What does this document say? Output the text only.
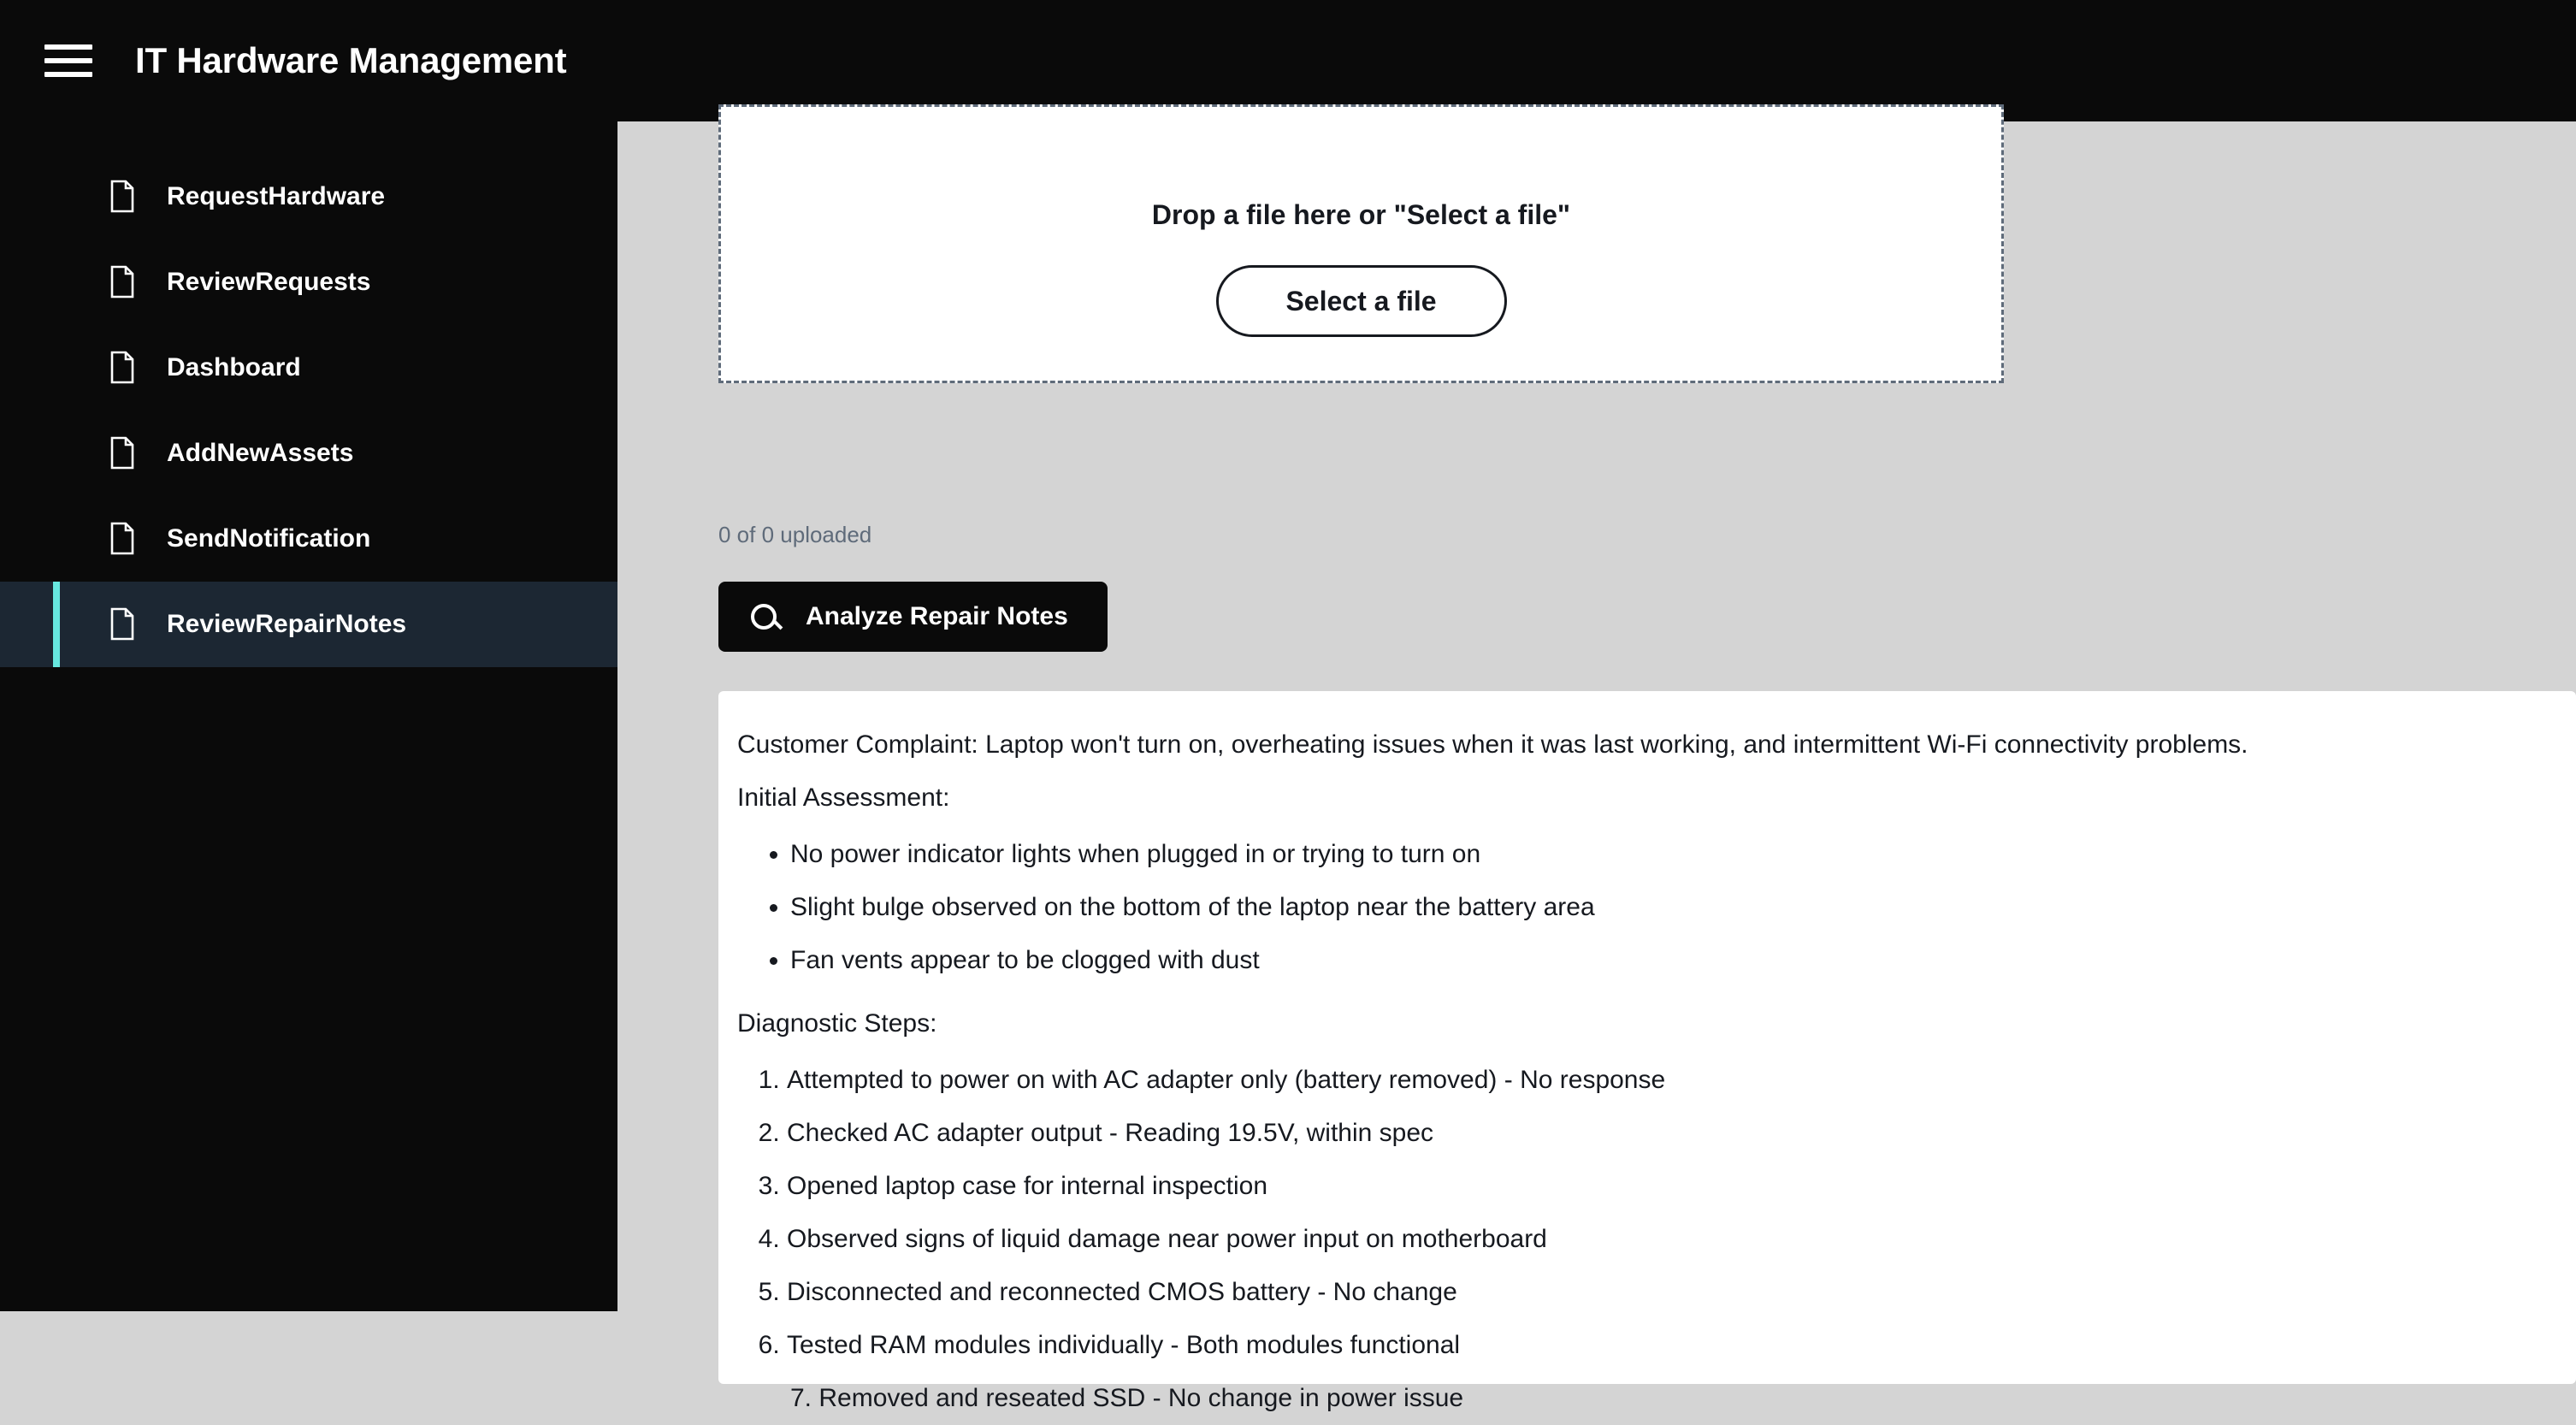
IT Hardware Management
RequestHardware
ReviewRequests
Dashboard
AddNewAssets
SendNotification
ReviewRepairNotes
Drop a file here or "Select a file"
Select a file
0 of 0 uploaded
Analyze Repair Notes

Customer Complaint: Laptop won't turn on, overheating issues when it was last working, and intermittent Wi-Fi connectivity problems.
Initial Assessment:
• No power indicator lights when plugged in or trying to turn on
• Slight bulge observed on the bottom of the laptop near the battery area
• Fan vents appear to be clogged with dust
Diagnostic Steps:
1. Attempted to power on with AC adapter only (battery removed) - No response
2. Checked AC adapter output - Reading 19.5V, within spec
3. Opened laptop case for internal inspection
4. Observed signs of liquid damage near power input on motherboard
5. Disconnected and reconnected CMOS battery - No change
6. Tested RAM modules individually - Both modules functional
7. Removed and reseated SSD - No change in power issue
